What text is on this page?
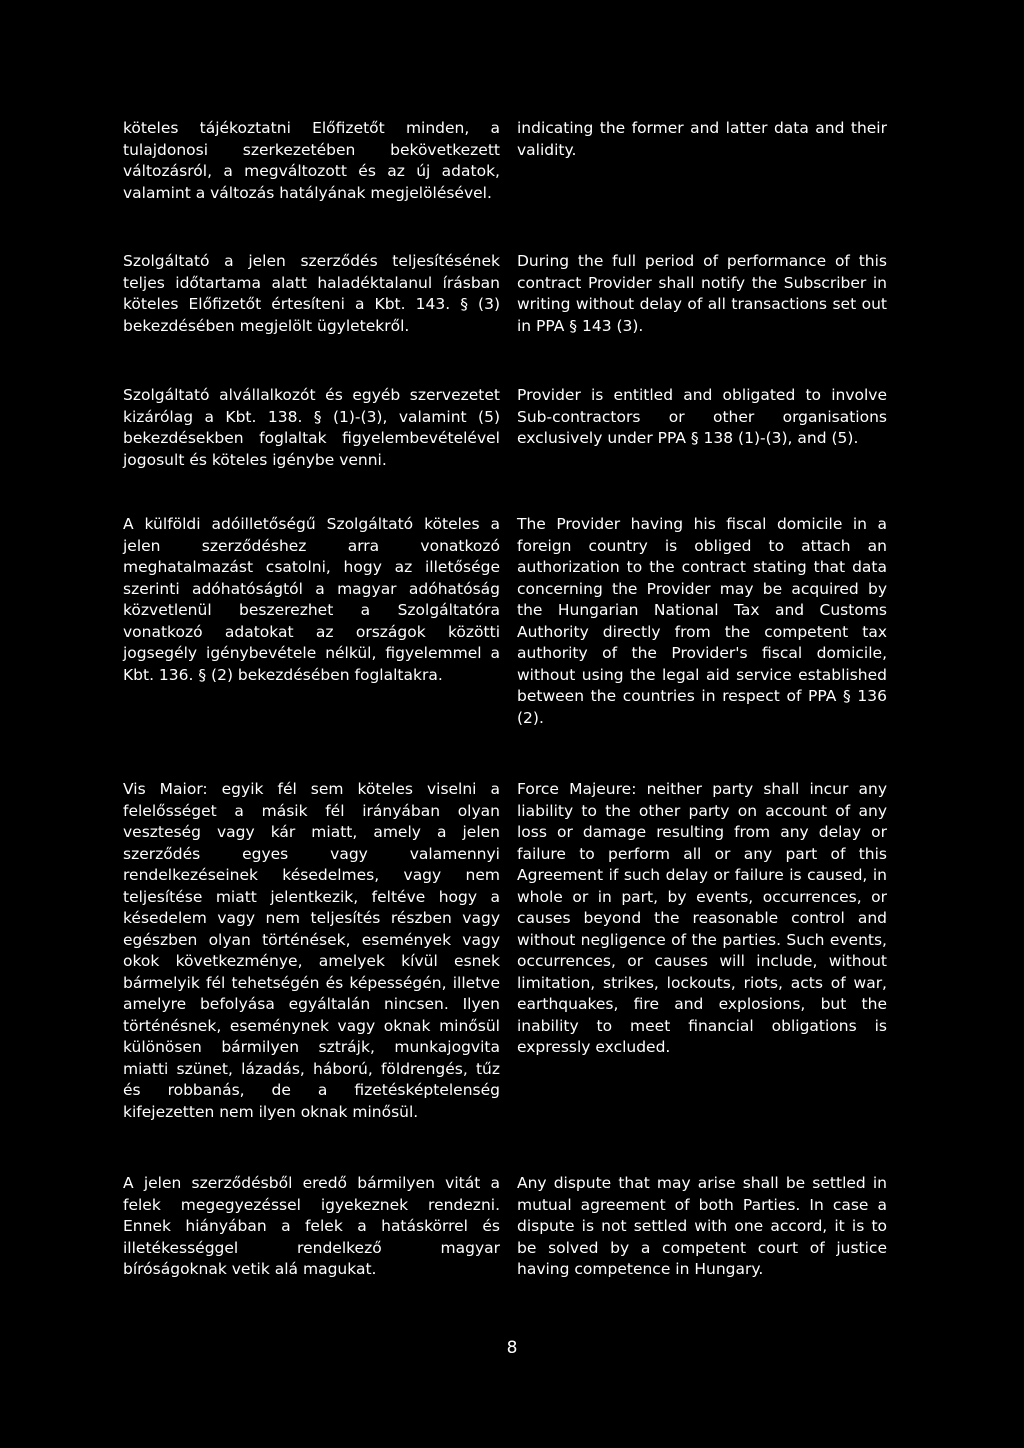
köteles tájékoztatni Előfizetőt minden, a tulajdonosi szerkezetében bekövetkezett változásról, a megváltozott és az új adatok, valamint a változás hatályának megjelölésével.

indicating the former and latter data and their validity.

Szolgáltató a jelen szerződés teljesítésének teljes időtartama alatt haladéktalanul írásban köteles Előfizetőt értesíteni a Kbt. 143. § (3) bekezdésében megjelölt ügyletekről.

During the full period of performance of this contract Provider shall notify the Subscriber in writing without delay of all transactions set out in PPA § 143 (3).

Szolgáltató alvállalkozót és egyéb szervezetet kizárólag a Kbt. 138. § (1)-(3), valamint (5) bekezdésekben foglaltak figyelembevételével jogosult és köteles igénybe venni.

Provider is entitled and obligated to involve Sub-contractors or other organisations exclusively under PPA § 138 (1)-(3), and (5).

A külföldi adóilletőségű Szolgáltató köteles a jelen szerződéshez arra vonatkozó meghatalmazást csatolni, hogy az illetősége szerinti adóhatóságtól a magyar adóhatóság közvetlenül beszerezhet a Szolgáltatóra vonatkozó adatokat az országok közötti jogsegély igénybevétele nélkül, figyelemmel a Kbt. 136. § (2) bekezdésében foglaltakra.

The Provider having his fiscal domicile in a foreign country is obliged to attach an authorization to the contract stating that data concerning the Provider may be acquired by the Hungarian National Tax and Customs Authority directly from the competent tax authority of the Provider's fiscal domicile, without using the legal aid service established between the countries in respect of PPA § 136 (2).

Vis Maior: egyik fél sem köteles viselni a felelősséget a másik fél irányában olyan veszteség vagy kár miatt, amely a jelen szerződés egyes vagy valamennyi rendelkezéseinek késedelmes, vagy nem teljesítése miatt jelentkezik, feltéve hogy a késedelem vagy nem teljesítés részben vagy egészben olyan történések, események vagy okok következménye, amelyek kívül esnek bármelyik fél tehetségén és képességén, illetve amelyre befolyása egyáltalán nincsen. Ilyen történésnek, eseménynek vagy oknak minősül különösen bármilyen sztrájk, munkajogvita miatti szünet, lázadás, háború, földrengés, tűz és robbanás, de a fizetésképtelenség kifejezetten nem ilyen oknak minősül.

Force Majeure: neither party shall incur any liability to the other party on account of any loss or damage resulting from any delay or failure to perform all or any part of this Agreement if such delay or failure is caused, in whole or in part, by events, occurrences, or causes beyond the reasonable control and without negligence of the parties. Such events, occurrences, or causes will include, without limitation, strikes, lockouts, riots, acts of war, earthquakes, fire and explosions, but the inability to meet financial obligations is expressly excluded.

A jelen szerződésből eredő bármilyen vitát a felek megegyezéssel igyekeznek rendezni. Ennek hiányában a felek a hatáskörrel és illetékességgel rendelkező magyar bíróságoknak vetik alá magukat.

Any dispute that may arise shall be settled in mutual agreement of both Parties. In case a dispute is not settled with one accord, it is to be solved by a competent court of justice having competence in Hungary.

8
